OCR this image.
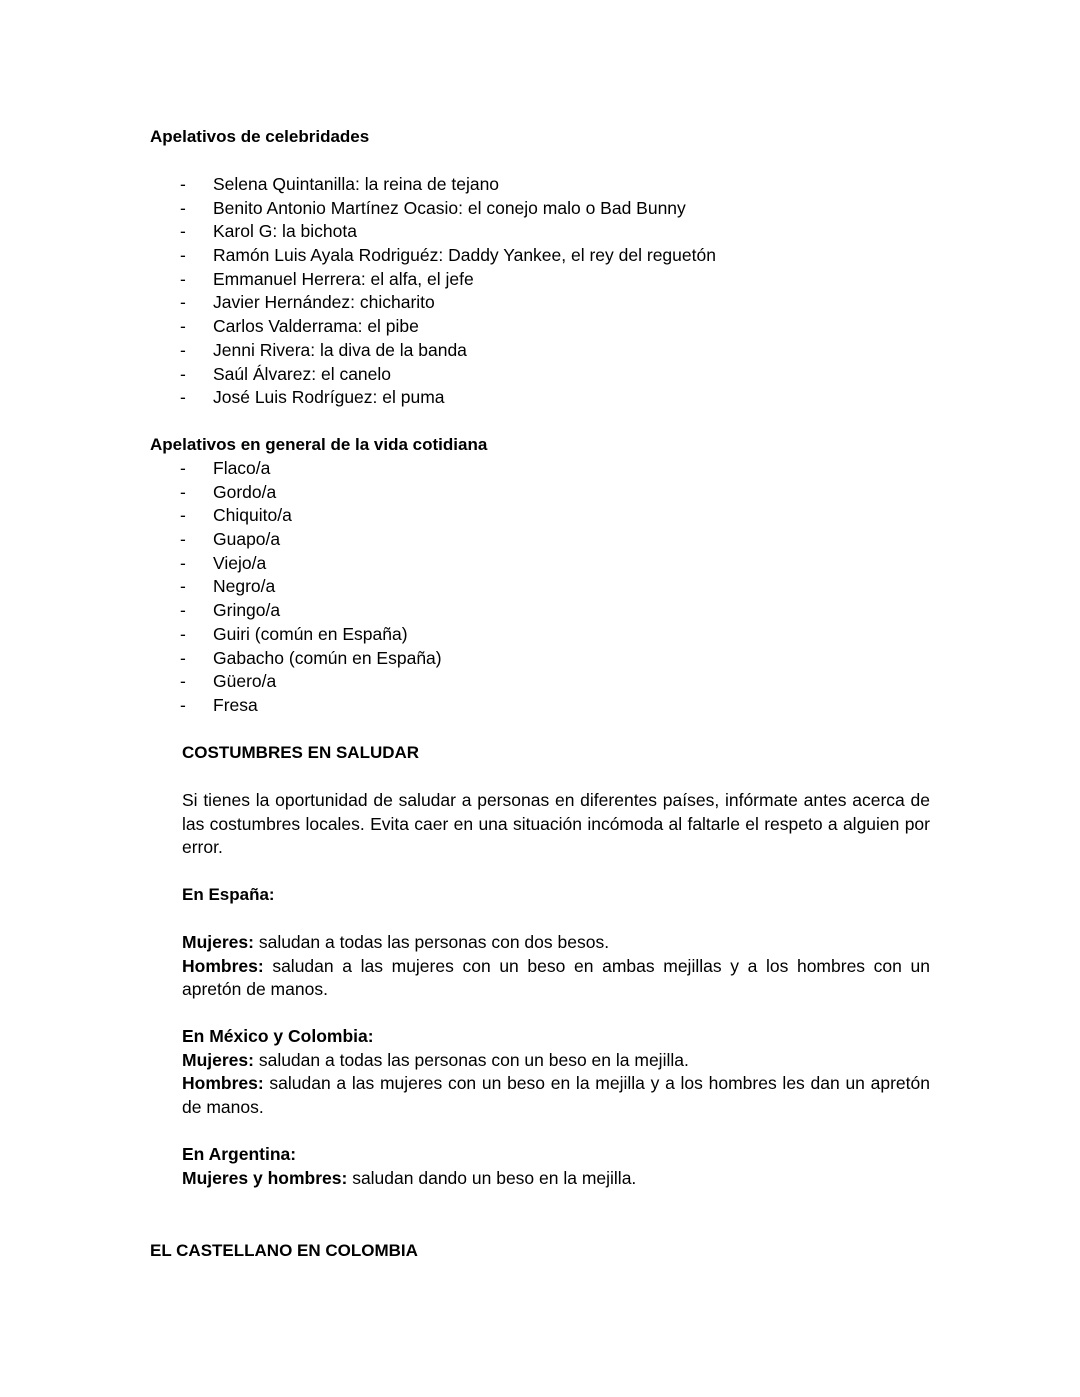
Apelativos de celebridades
- Selena Quintanilla: la reina de tejano
- Benito Antonio Martínez Ocasio: el conejo malo o Bad Bunny
- Karol G: la bichota
- Ramón Luis Ayala Rodriguéz: Daddy Yankee, el rey del reguetón
- Emmanuel Herrera: el alfa, el jefe
- Javier Hernández: chicharito
- Carlos Valderrama: el pibe
- Jenni Rivera: la diva de la banda
- Saúl Álvarez: el canelo
- José Luis Rodríguez: el puma
Apelativos en general de la vida cotidiana
- Flaco/a
- Gordo/a
- Chiquito/a
- Guapo/a
- Viejo/a
- Negro/a
- Gringo/a
- Guiri (común en España)
- Gabacho (común en España)
- Güero/a
- Fresa
COSTUMBRES EN SALUDAR

Si tienes la oportunidad de saludar a personas en diferentes países, infórmate antes acerca de las costumbres locales. Evita caer en una situación incómoda al faltarle el respeto a alguien por error.

En España:
Mujeres: saludan a todas las personas con dos besos.
Hombres: saludan a las mujeres con un beso en ambas mejillas y a los hombres con un apretón de manos.
En México y Colombia:
Mujeres: saludan a todas las personas con un beso en la mejilla.
Hombres: saludan a las mujeres con un beso en la mejilla y a los hombres les dan un apretón de manos.
En Argentina:
Mujeres y hombres: saludan dando un beso en la mejilla.
EL CASTELLANO EN COLOMBIA
